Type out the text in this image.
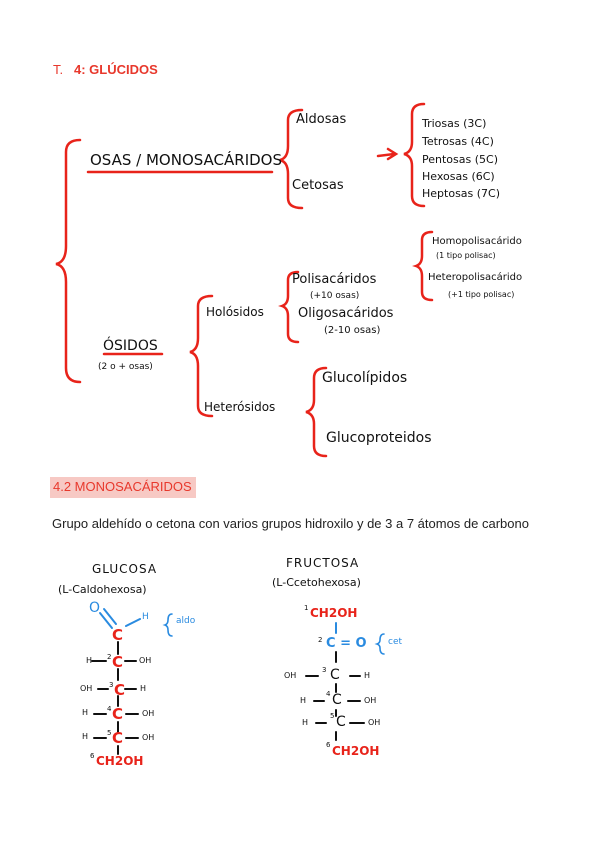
T. 4: GLÚCIDOS
OSAS / MONOSACÁRIDOS
Aldosas
Cetosas
Triosas (3C)
Tetrosas (4C)
Pentosas (5C)
Hexosas (6C)
Heptosas (7C)
ÓSIDOS
(2 o + osas)
Holósidos
Heterósidos
Polisacáridos
(+10 osas)
Oligosacáridos
(2-10 osas)
Homopolisacárido
(1 tipo polisac)
Heteropolisacárido
(+1 tipo polisac)
Glucolípidos
Glucoproteidos
4.2 MONOSACÁRIDOS
Grupo aldehído o cetona con varios grupos hidroxilo y de 3 a 7 átomos de carbono
GLUCOSA
(L-Caldohexosa)
O
C
H	aldo
H 2 C OH
OH 3 C H
H	4 C OH
H	5 C OH
6 CH2OH
FRUCTOSA
(L-Ccetohexosa)
1 CH2OH
2 C = O cet
OH
3 C	H
H
4 C	OH
H
5 C	OH
6 CH2OH
